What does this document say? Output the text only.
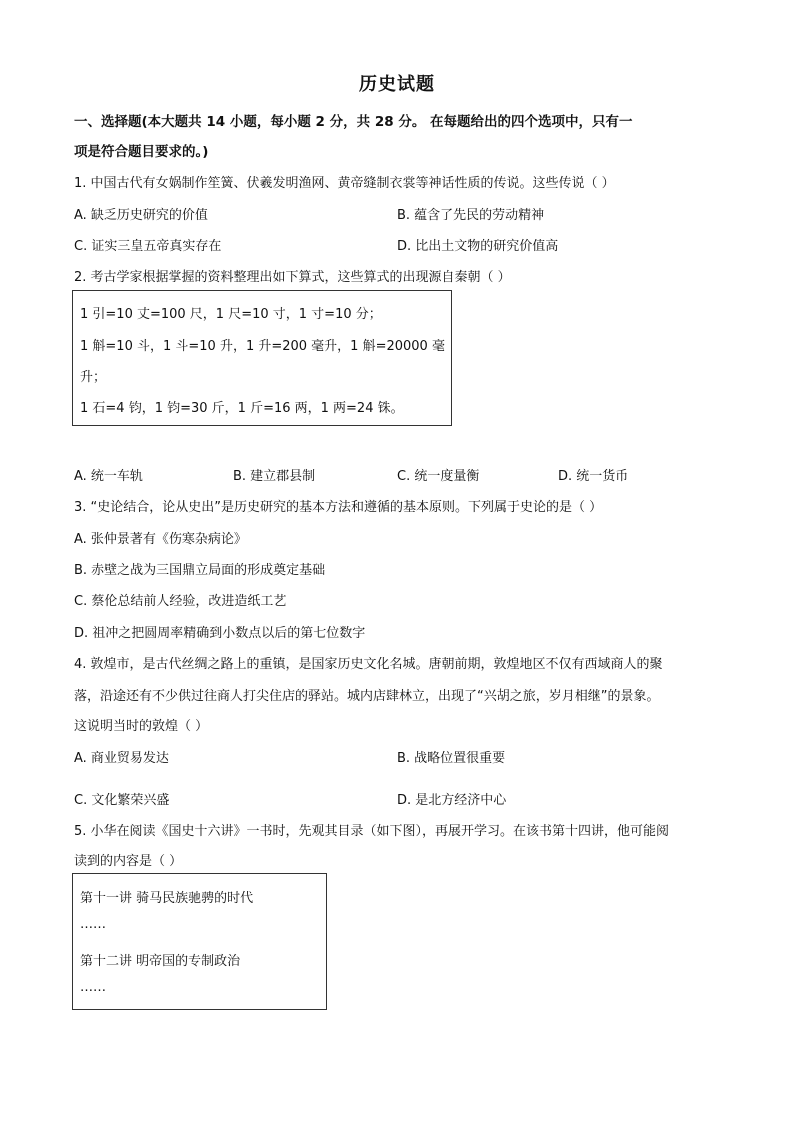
历史试题
一、选择题(本大题共 14 小题，每小题 2 分，共 28 分。 在每题给出的四个选项中，只有一
项是符合题目要求的。)
1. 中国古代有女娲制作笙簧、伏羲发明渔网、黄帝缝制衣裳等神话性质的传说。这些传说（ ）
A. 缺乏历史研究的价值	B. 蕴含了先民的劳动精神
C. 证实三皇五帝真实存在	D. 比出土文物的研究价值高
2. 考古学家根据掌握的资料整理出如下算式，这些算式的出现源自秦朝（ ）
1 引=10 丈=100 尺，1 尺=10 寸，1 寸=10 分；
1 斛=10 斗，1 斗=10 升，1 升=200 毫升，1 斛=20000 毫
升；
1 石=4 钧，1 钧=30 斤，1 斤=16 两，1 两=24 铢。
A. 统一车轨	B. 建立郡县制	C. 统一度量衡	D. 统一货币
3. “史论结合，论从史出”是历史研究的基本方法和遵循的基本原则。下列属于史论的是（ ）
A. 张仲景著有《伤寒杂病论》
B. 赤壁之战为三国鼎立局面的形成奠定基础
C. 蔡伦总结前人经验，改进造纸工艺
D. 祖冲之把圆周率精确到小数点以后的第七位数字
4. 敦煌市，是古代丝绸之路上的重镇，是国家历史文化名城。唐朝前期，敦煌地区不仅有西域商人的聚
落，沿途还有不少供过往商人打尖住店的驿站。城内店肆林立，出现了“兴胡之旅，岁月相继”的景象。
这说明当时的敦煌（ ）
A. 商业贸易发达	B. 战略位置很重要
C. 文化繁荣兴盛	D. 是北方经济中心
5. 小华在阅读《国史十六讲》一书时，先观其目录（如下图），再展开学习。在该书第十四讲，他可能阅
读到的内容是（ ）
第十一讲 骑马民族驰骋的时代
……
第十二讲 明帝国的专制政治
……
